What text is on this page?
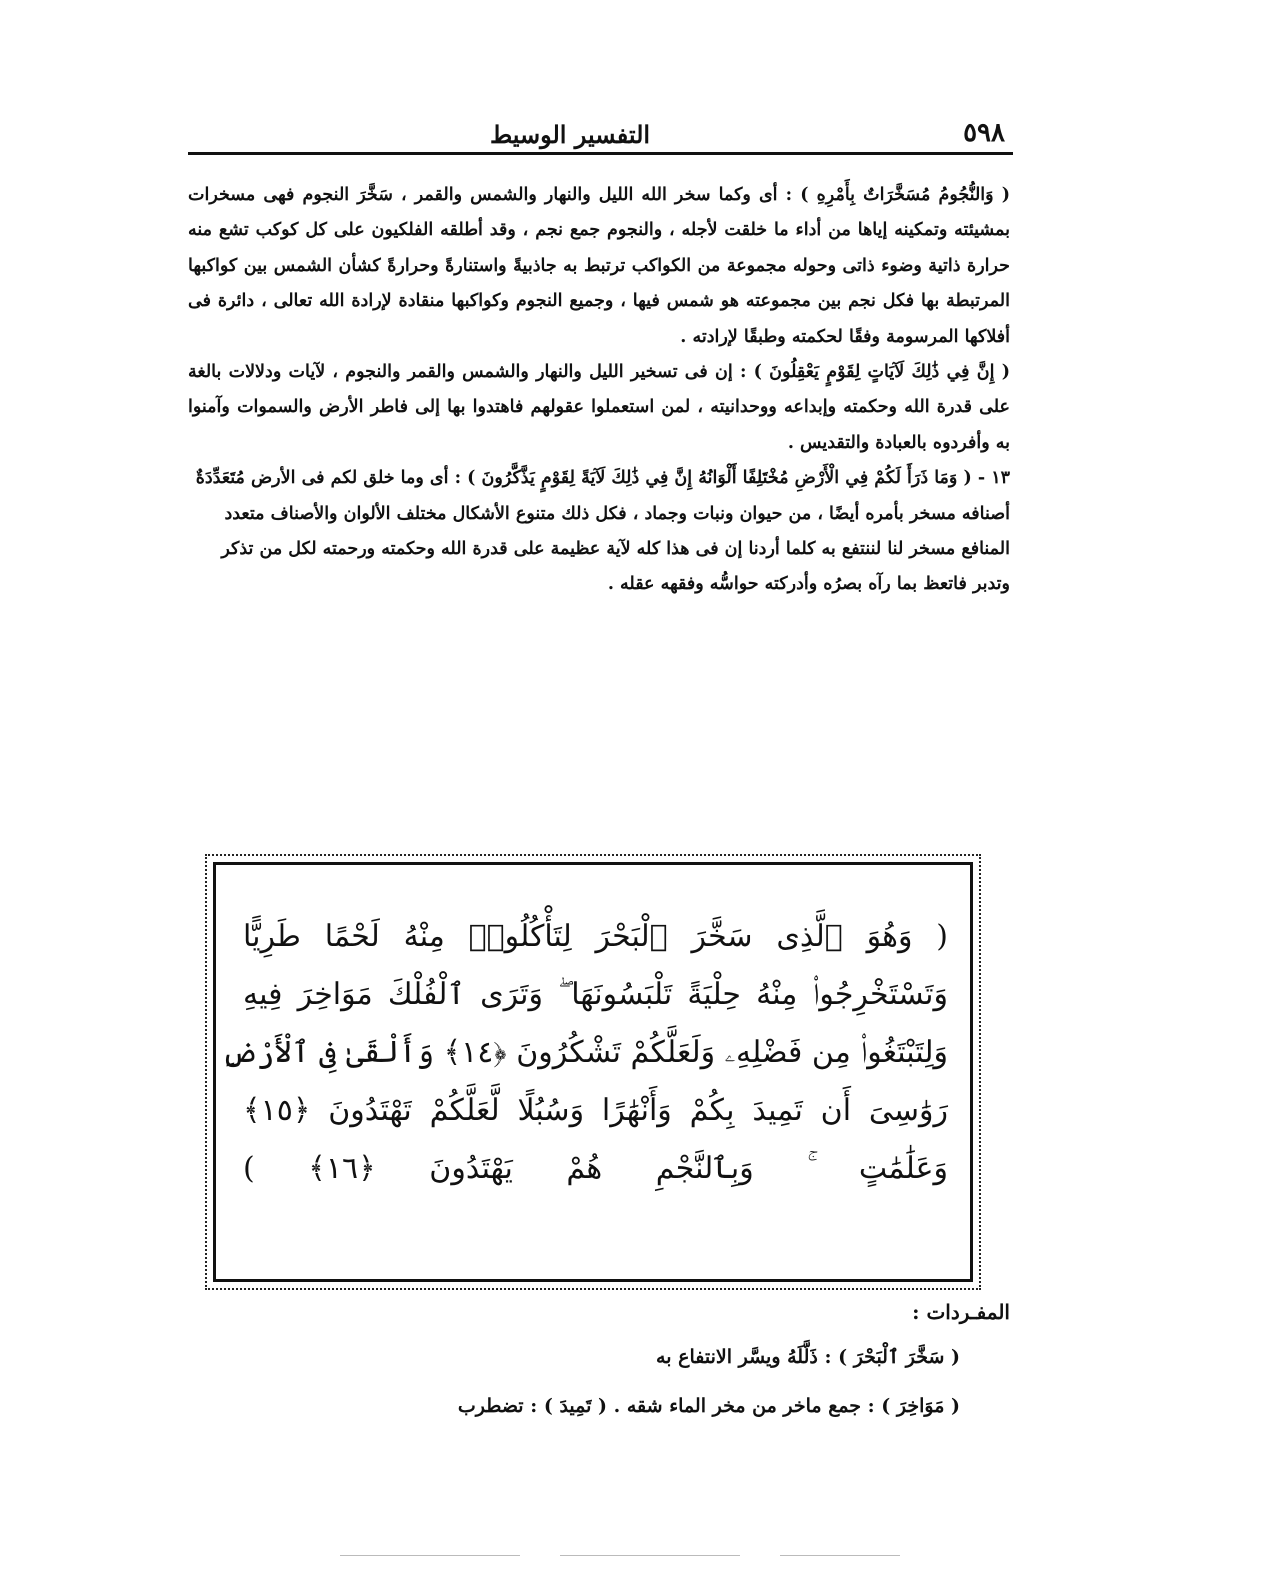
٥٩٨
التفسير الوسيط

( وَالنُّجُومُ مُسَخَّرَاتٌ بِأَمْرِهِ ) : أى وكما سخر الله الليل والنهار والشمس والقمر ، سَخَّرَ النجوم فهى مسخرات بمشيئته وتمكينه إياها من أداء ما خلقت لأجله ، والنجوم جمع نجم ، وقد أطلقه الفلكيون على كل كوكب تشع منه حرارة ذاتية وضوء ذاتى وحوله مجموعة من الكواكب ترتبط به جاذبيةً واستنارةً وحرارةً كشأن الشمس بين كواكبها المرتبطة بها فكل نجم بين مجموعته هو شمس فيها ، وجميع النجوم وكواكبها منقادة لإرادة الله تعالى ، دائرة فى أفلاكها المرسومة وفقًا لحكمته وطبقًا لإرادته .

( إِنَّ فِي ذَٰلِكَ لَآيَاتٍ لِقَوْمٍ يَعْقِلُونَ ) : إن فى تسخير الليل والنهار والشمس والقمر والنجوم ، لآيات ودلالات بالغة على قدرة الله وحكمته وإبداعه ووحدانيته ، لمن استعملوا عقولهم فاهتدوا بها إلى فاطر الأرض والسموات وآمنوا به وأفردوه بالعبادة والتقديس .

١٣ - ( وَمَا ذَرَأَ لَكُمْ فِي الْأَرْضِ مُخْتَلِفًا أَلْوَانُهُ إِنَّ فِي ذَٰلِكَ لَآيَةً لِقَوْمٍ يَذَّكَّرُونَ ) : أى وما خلق لكم فى الأرض مُتَعَدِّدَةٌ أصنافه مسخر بأمره أيضًا ، من حيوان ونبات وجماد ، فكل ذلك متنوع الأشكال مختلف الألوان والأصناف متعدد المنافع مسخر لنا لننتفع به كلما أردنا إن فى هذا كله لآية عظيمة على قدرة الله وحكمته ورحمته لكل من تذكر وتدبر فاتعظ بما رآه بصرُه وأدركته حواسُّه وفقهه عقله .

( وَهُوَ ٱلَّذِى سَخَّرَ ٱلْبَحْرَ لِتَأْكُلُوا۟ مِنْهُ لَحْمًا طَرِيًّا
وَتَسْتَخْرِجُوا۟ مِنْهُ حِلْيَةً تَلْبَسُونَهَا ۖ وَتَرَى ٱلْفُلْكَ مَوَاخِرَ فِيهِ
وَلِتَبْتَغُوا۟ مِن فَضْلِهِۦ وَلَعَلَّكُمْ تَشْكُرُونَ ﴿١٤﴾ وَأَلْقَىٰ فِى ٱلْأَرْضِ
رَوَٰسِىَ أَن تَمِيدَ بِكُمْ وَأَنْهَٰرًا وَسُبُلًا لَّعَلَّكُمْ تَهْتَدُونَ ﴿١٥﴾
وَعَلَٰمَٰتٍ ۚ وَبِٱلنَّجْمِ هُمْ يَهْتَدُونَ ﴿١٦﴾ )
المفـردات :
( سَخَّرَ ٱلْبَحْرَ ) : ذَلَّلَهُ ويسَّر الانتفاع به
( مَوَاخِرَ ) : جمع ماخر من مخر الماء شقه . ( تَمِيدَ ) : تضطرب
